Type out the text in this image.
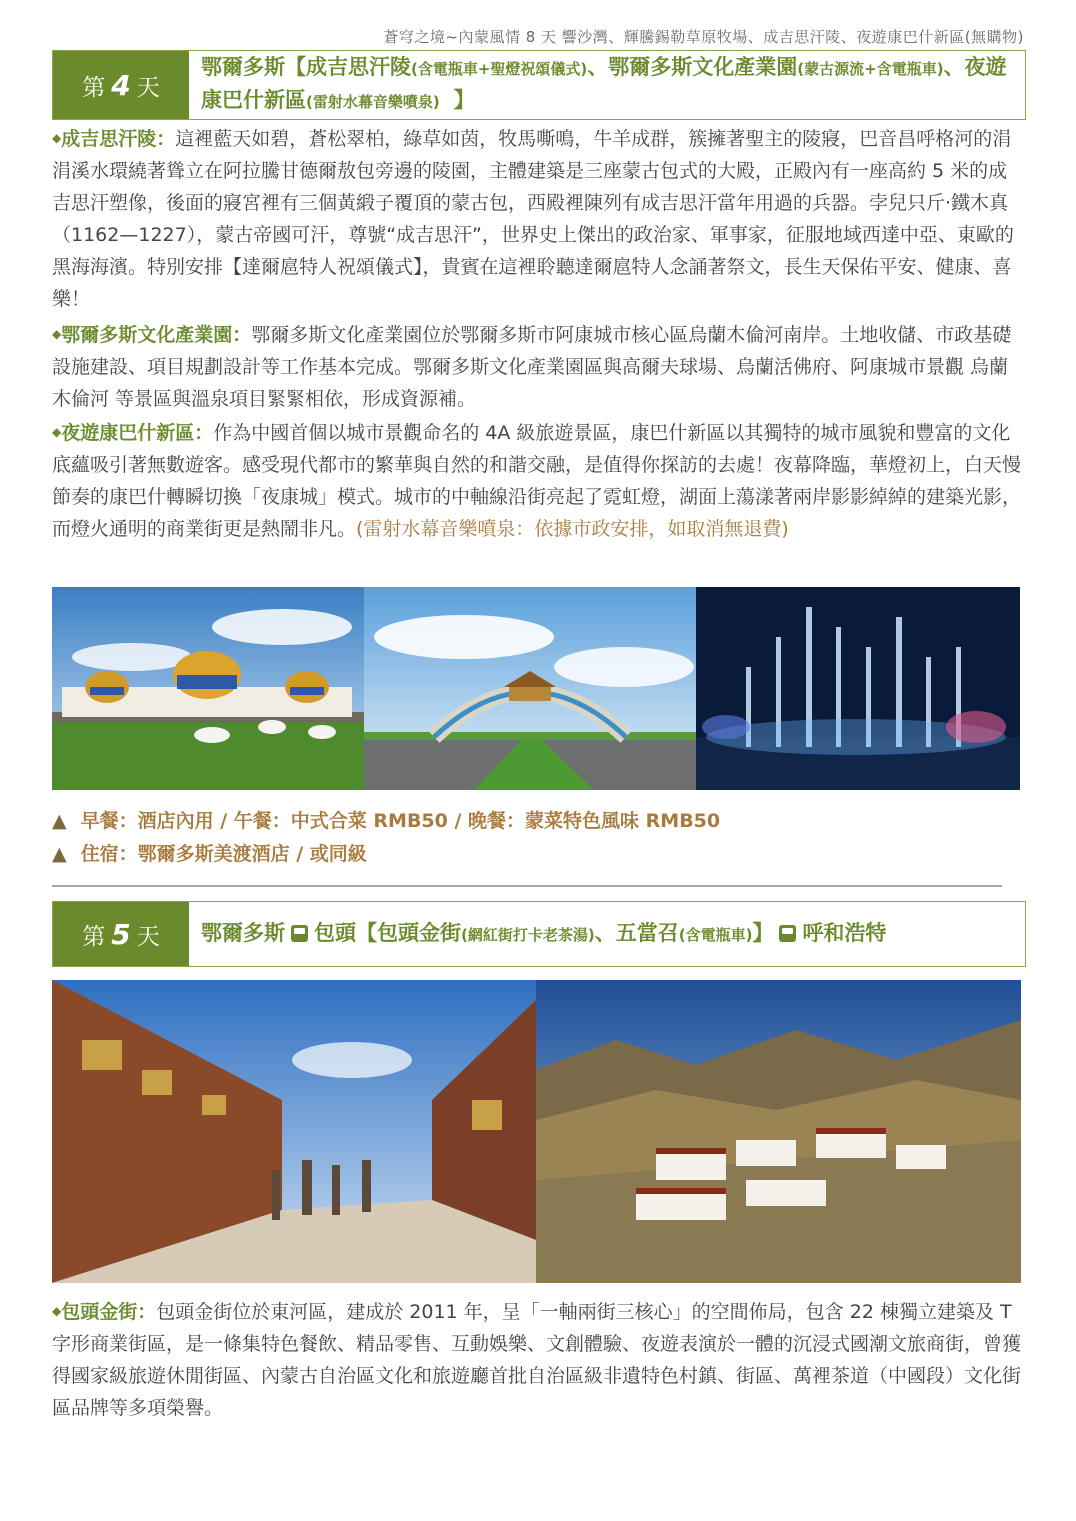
蒼穹之境~內蒙風情 8 天 響沙灣、輝騰錫勒草原牧場、成吉思汗陵、夜遊康巴什新區(無購物)
第 4 天
鄂爾多斯【成吉思汗陵(含電瓶車+聖燈祝頌儀式)、鄂爾多斯文化產業園(蒙古源流+含電瓶車)、夜遊康巴什新區(雷射水幕音樂噴泉) 】
◆成吉思汗陵：這裡藍天如碧，蒼松翠柏，綠草如茵，牧馬嘶鳴，牛羊成群，簇擁著聖主的陵寢，巴音昌呼格河的涓涓溪水環繞著聳立在阿拉騰甘德爾敖包旁邊的陵園，主體建築是三座蒙古包式的大殿，正殿內有一座高約 5 米的成吉思汗塑像，後面的寢宮裡有三個黃緞子覆頂的蒙古包，西殿裡陳列有成吉思汗當年用過的兵器。孛兒只斤·鐵木真（1162—1227），蒙古帝國可汗，尊號“成吉思汗”，世界史上傑出的政治家、軍事家，征服地域西達中亞、東歐的黑海海濱。特別安排【達爾扈特人祝頌儀式】，貴賓在這裡聆聽達爾扈特人念誦著祭文，長生天保佑平安、健康、喜樂！
◆鄂爾多斯文化產業園：鄂爾多斯文化產業園位於鄂爾多斯市阿康城市核心區烏蘭木倫河南岸。土地收儲、市政基礎設施建設、項目規劃設計等工作基本完成。鄂爾多斯文化產業園區與高爾夫球場、烏蘭活佛府、阿康城市景觀 烏蘭木倫河 等景區與溫泉項目緊緊相依，形成資源補。
◆夜遊康巴什新區：作為中國首個以城市景觀命名的 4A 級旅遊景區，康巴什新區以其獨特的城市風貌和豐富的文化底蘊吸引著無數遊客。感受現代都市的繁華與自然的和諧交融，是值得你探訪的去處！夜幕降臨，華燈初上，白天慢節奏的康巴什轉瞬切換「夜康城」模式。城市的中軸線沿街亮起了霓虹燈，湖面上蕩漾著兩岸影影綽綽的建築光影，而燈火通明的商業街更是熱鬧非凡。(雷射水幕音樂噴泉：依據市政安排，如取消無退費)
▲ 早餐：酒店內用 / 午餐：中式合菜 RMB50 / 晚餐：蒙菜特色風味 RMB50
▲ 住宿：鄂爾多斯美渡酒店 / 或同級
第 5 天 鄂爾多斯 包頭【包頭金街(網紅街打卡老茶湯)、五當召(含電瓶車)】 呼和浩特
◆包頭金街：包頭金街位於東河區，建成於 2011 年，呈「一軸兩街三核心」的空間佈局，包含 22 棟獨立建築及 T 字形商業街區，是一條集特色餐飲、精品零售、互動娛樂、文創體驗、夜遊表演於一體的沉浸式國潮文旅商街，曾獲得國家級旅遊休閒街區、內蒙古自治區文化和旅遊廳首批自治區級非遺特色村鎮、街區、萬裡茶道（中國段）文化街區品牌等多項榮譽。
